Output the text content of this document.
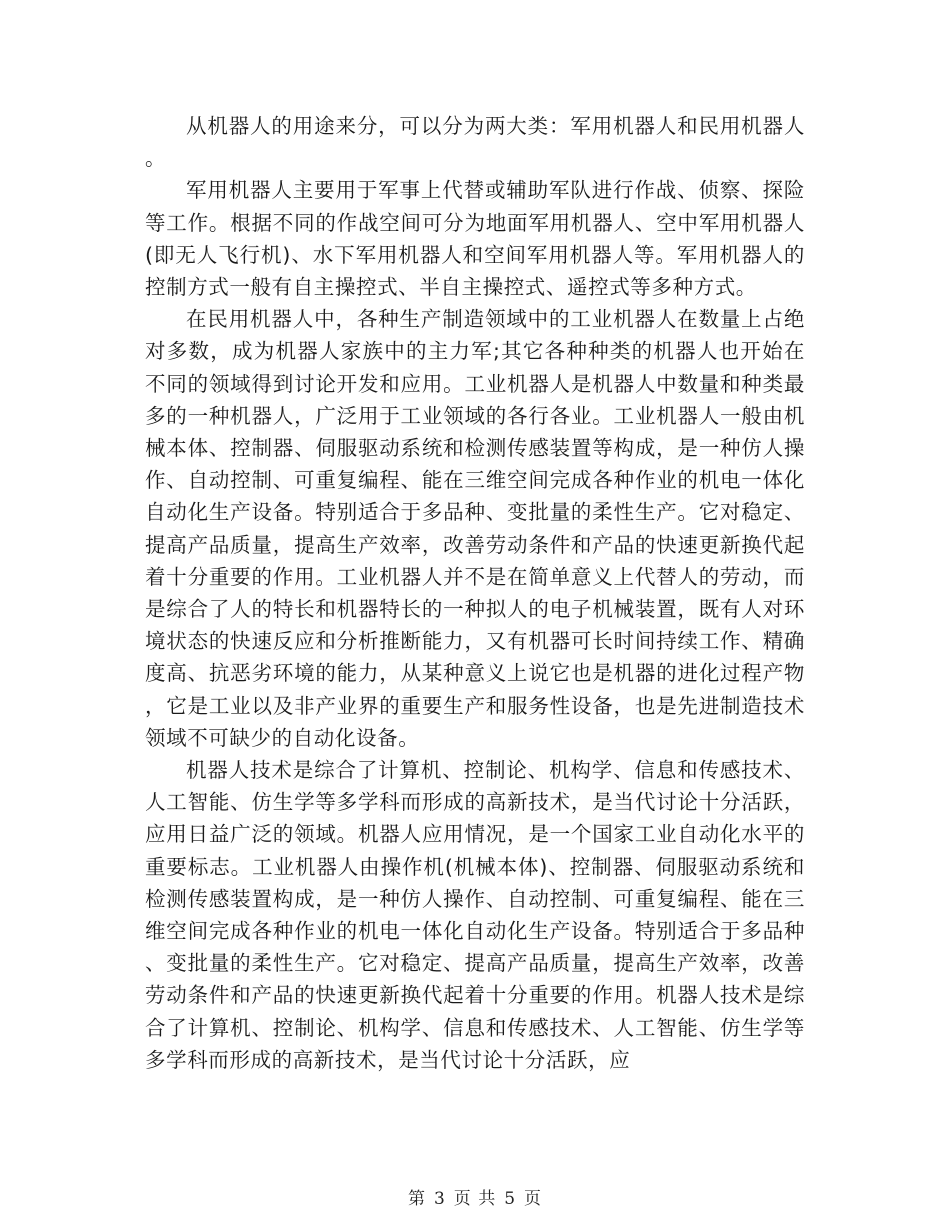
从机器人的用途来分，可以分为两大类：军用机器人和民用机器人。

军用机器人主要用于军事上代替或辅助军队进行作战、侦察、探险等工作。根据不同的作战空间可分为地面军用机器人、空中军用机器人(即无人飞行机)、水下军用机器人和空间军用机器人等。军用机器人的控制方式一般有自主操控式、半自主操控式、遥控式等多种方式。

在民用机器人中，各种生产制造领域中的工业机器人在数量上占绝对多数，成为机器人家族中的主力军;其它各种种类的机器人也开始在不同的领域得到讨论开发和应用。工业机器人是机器人中数量和种类最多的一种机器人，广泛用于工业领域的各行各业。工业机器人一般由机械本体、控制器、伺服驱动系统和检测传感装置等构成，是一种仿人操作、自动控制、可重复编程、能在三维空间完成各种作业的机电一体化自动化生产设备。特别适合于多品种、变批量的柔性生产。它对稳定、提高产品质量，提高生产效率，改善劳动条件和产品的快速更新换代起着十分重要的作用。工业机器人并不是在简单意义上代替人的劳动，而是综合了人的特长和机器特长的一种拟人的电子机械装置，既有人对环境状态的快速反应和分析推断能力，又有机器可长时间持续工作、精确度高、抗恶劣环境的能力，从某种意义上说它也是机器的进化过程产物，它是工业以及非产业界的重要生产和服务性设备，也是先进制造技术领域不可缺少的自动化设备。

机器人技术是综合了计算机、控制论、机构学、信息和传感技术、人工智能、仿生学等多学科而形成的高新技术，是当代讨论十分活跃，应用日益广泛的领域。机器人应用情况，是一个国家工业自动化水平的重要标志。工业机器人由操作机(机械本体)、控制器、伺服驱动系统和检测传感装置构成，是一种仿人操作、自动控制、可重复编程、能在三维空间完成各种作业的机电一体化自动化生产设备。特别适合于多品种、变批量的柔性生产。它对稳定、提高产品质量，提高生产效率，改善劳动条件和产品的快速更新换代起着十分重要的作用。机器人技术是综合了计算机、控制论、机构学、信息和传感技术、人工智能、仿生学等多学科而形成的高新技术，是当代讨论十分活跃，应

第 3 页 共 5 页
